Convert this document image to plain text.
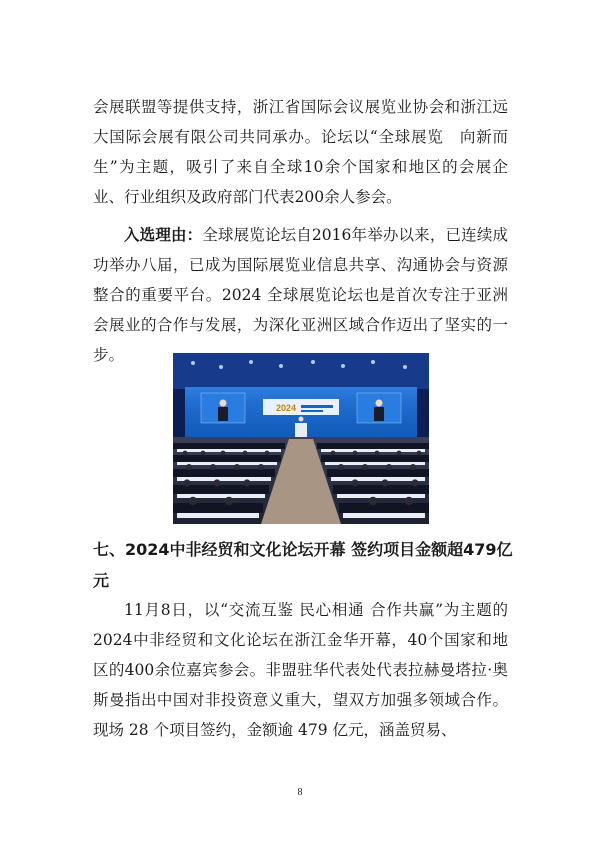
会展联盟等提供支持，浙江省国际会议展览业协会和浙江远大国际会展有限公司共同承办。论坛以“全球展览　向新而生”为主题，吸引了来自全球10余个国家和地区的会展企业、行业组织及政府部门代表200余人参会。

入选理由：全球展览论坛自2016年举办以来，已连续成功举办八届，已成为国际展览业信息共享、沟通协会与资源整合的重要平台。2024 全球展览论坛也是首次专注于亚洲会展业的合作与发展，为深化亚洲区域合作迈出了坚实的一步。

2024
七、2024中非经贸和文化论坛开幕 签约项目金额超479亿元

11月8日，以“交流互鉴 民心相通 合作共赢”为主题的2024中非经贸和文化论坛在浙江金华开幕，40个国家和地区的400余位嘉宾参会。非盟驻华代表处代表拉赫曼塔拉·奥斯曼指出中国对非投资意义重大，望双方加强多领域合作。现场 28 个项目签约，金额逾 479 亿元，涵盖贸易、

8
